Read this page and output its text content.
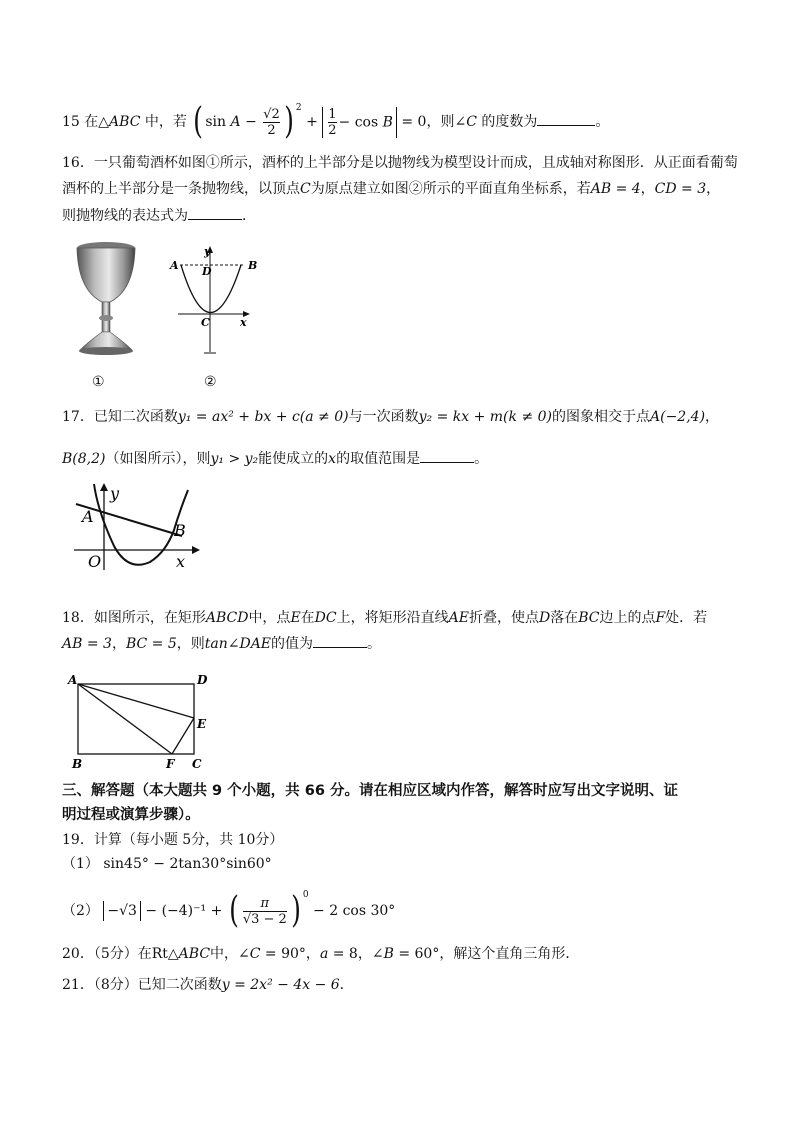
15 在△ABC 中，若 ( $\sin A - \frac{√2}{2}$ ) $^2 + \frac{1}{2} - \cos B = 0$，则∠C 的度数为	。
16．一只葡萄酒杯如图①所示，酒杯的上半部分是以抛物线为模型设计而成，且成轴对称图形．从正面看葡萄
酒杯的上半部分是一条抛物线，以顶点C为原点建立如图②所示的平面直角坐标系，若AB = 4，CD = 3，
则抛物线的表达式为	．
①
y
A D	B
C	x
②
17．已知二次函数y₁ = ax² + bx + c(a ≠ 0)与一次函数y₂ = kx + m(k ≠ 0)的图象相交于点A(−2,4)，
B(8,2)（如图所示），则y₁ > y₂能使成立的x的取值范围是	。
y
A
B
O	x
18．如图所示，在矩形ABCD中，点E在DC上，将矩形沿直线AE折叠，使点D落在BC边上的点F处．若
AB = 3，BC = 5，则tan∠DAE的值为	。
A	D
E
B	F C
三、解答题（本大题共 9 个小题，共 66 分。请在相应区域内作答，解答时应写出文字说明、证
明过程或演算步骤）。
19．计算（每小题 5分，共 10分）
（1） sin45° − 2tan30°sin60°
（2） −√3 − (−4)⁻¹ + ( $\frac{\pi}{√3 - 2}$ ) $^0$ − 2 cos 30°
20．（5分）在Rt△ABC中，∠C = 90°，a = 8，∠B = 60°，解这个直角三角形．
21．（8分）已知二次函数y = 2x² − 4x − 6．
